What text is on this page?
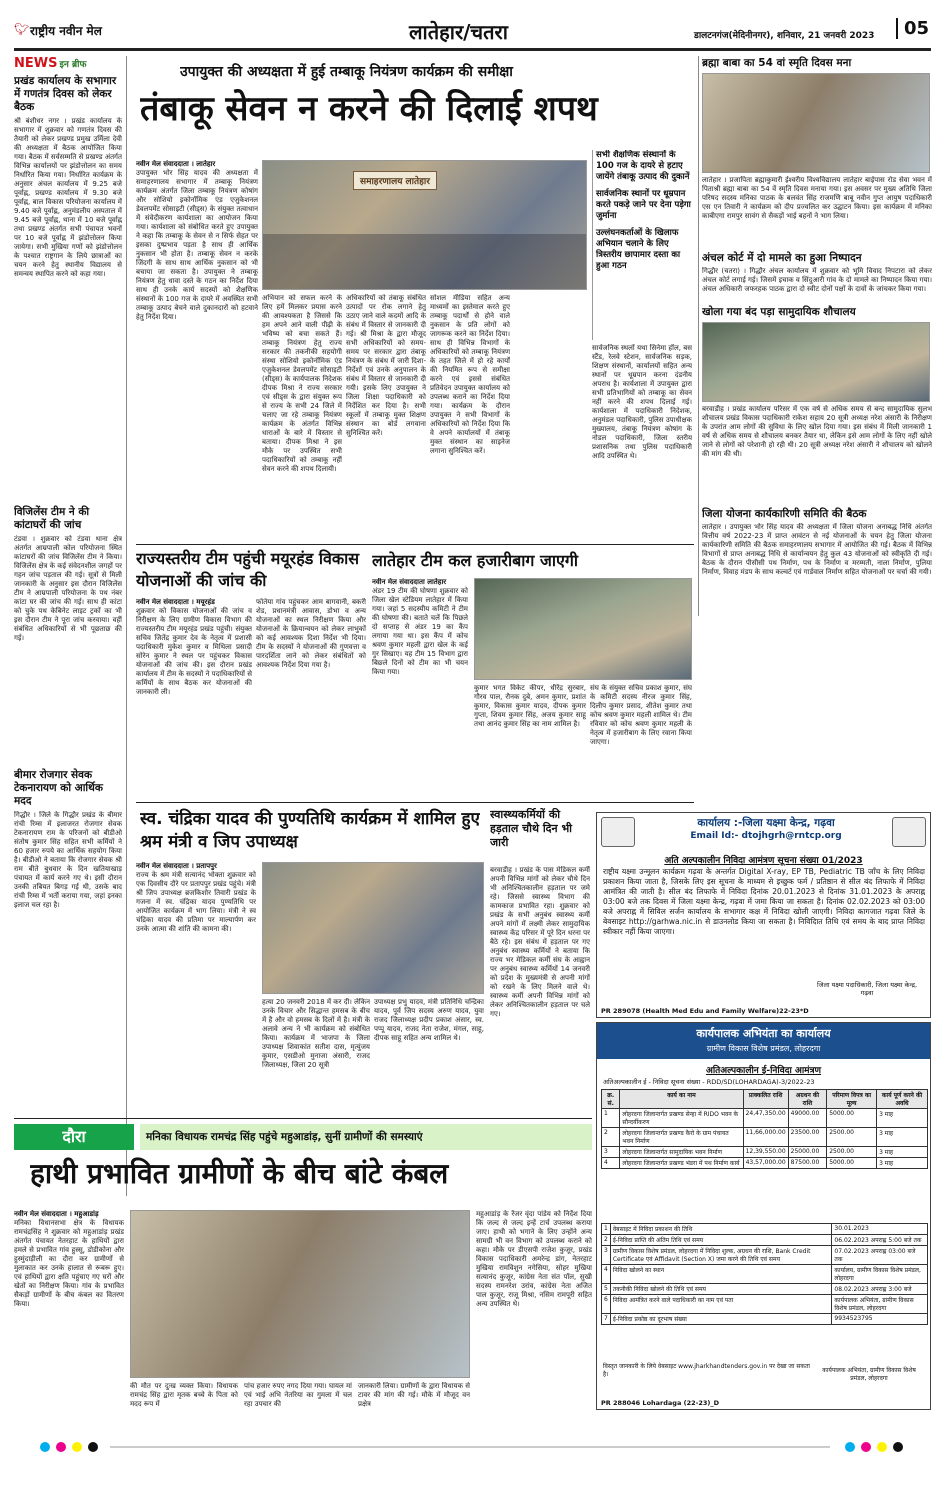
🐦︎ राष्ट्रीय नवीन मेल	लातेहार/चतरा	डालटनगंज(मेदिनीनगर), शनिवार, 21 जनवरी 2023	05
NEWS इन ब्रीफ
प्रखंड कार्यालय के सभागार में गणतंत्र दिवस को लेकर बैठक
श्री बंशीधर नगर । प्रखंड कार्यालय के सभागार में शुक्रवार को गणतंत्र दिवस की तैयारी को लेकर प्रखण्ड प्रमुख उर्मिला देवी की अध्यक्षता में बैठक आयोजित किया गया। बैठक में सर्वसम्मति से प्रखण्ड अंतर्गत विभिन्न कार्यालयों पर झंडोत्तोलन का समय निर्धारित किया गया। निर्धारित कार्यक्रम के अनुसार अंचल कार्यालय में 9.25 बजे पूर्वाह्न, प्रखण्ड कार्यालय में 9.30 बजे पूर्वाह्न, बाल विकास परियोजना कार्यालय में 9.40 बजे पूर्वाह्न, अनुमंडलीय अस्पताल में 9.45 बजे पूर्वाह्न, थाना में 10 बजे पूर्वाह्न तथा प्रखण्ड अंतर्गत सभी पंचायत भवनों पर 10 बजे पूर्वाह्न में झंडोत्तोलन किया जायेगा। सभी मुखिया गणों को झंडोत्तोलन के पश्चात राष्ट्रगान के लिये छात्राओं का चयन करने हेतु स्थानीय विद्यालय से समन्वय स्थापित करने को कहा गया।
विजिलेंस टीम ने की कांटाघरों की जांच
टंडवा । शुक्रवार को टंडवा थाना क्षेत्र अंतर्गत आम्रपाली कोल परियोजना स्थित कांटाघरों की जांच विजिलेंस टीम ने किया। विजिलेंस क्षेत्र के कई संवेदनशील जगहों पर गहन जांच पड़ताल की गई। सूत्रों से मिली जानकारी के अनुसार इस दौरान विजिलेंस टीम ने आम्रपाली परियोजना के पथ नंबर कांटा घर की जांच की गई। साथ ही कांटा को चुके पथ केबिनेट लाइट ट्रकों का भी इस दौरान टीम ने पूरा जांच करवाया। वहीं संबंधित अधिकारियों से भी पूछताछ की गई।
बीमार रोजगार सेवक टेकनारायण को आर्थिक मदद
गिद्धौर । जिले के गिद्धौर प्रखंड के बीमार रांची रिम्स में इलाजरत रोजगार सेवक टेकनारायण राम के परिजनों को बीडीओ संतोष कुमार सिंह सहित सभी कर्मियों ने 60 हजार रुपये का आर्थिक सहयोग किया है। बीडीओ ने बताया कि रोजगार सेवक श्री राम बीते बुधवार के दिन खतियाखाड़ पंचायत में कार्य करने गए थे। इसी दौरान उनकी तबियत बिगड़ गई थी, उसके बाद रांची रिम्स में भर्ती कराया गया, जहां इनका इलाज चल रहा है।
उपायुक्त की अध्यक्षता में हुई तम्बाकू नियंत्रण कार्यक्रम की समीक्षा
तंबाकू सेवन न करने की दिलाई शपथ
सभी शैक्षणिक संस्थानों के 100 गज के दायरे से हटाए जायेंगे तंबाकू उत्पाद की दुकानें
सार्वजनिक स्थानों पर धूम्रपान करते पकड़े जाने पर देना पड़ेगा जुर्माना
उल्लंघनकर्ताओं के खिलाफ अभियान चलाने के लिए त्रिस्तरीय छापामार दस्ता का हुआ गठन
नवीन मेल संवाददाता । लातेहार
उपायुक्त भोर सिंह यादव की अध्यक्षता में समाहरणालय सभागार में तम्बाकू नियंत्रण कार्यक्रम अंतर्गत जिला तम्बाकू नियंत्रण कोषांग और सोशियो इकोनॉमिक एंड एजुकेशनल डेवलपमेंट सोसाइटी (सीड्स) के संयुक्त तत्वाधान में संवेदीकरण कार्यशाला का आयोजन किया गया। कार्यशाला को संबोधित करते हुए उपायुक्त ने कहा कि तम्बाकू के सेवन से न सिर्फ सेहत पर इसका दुष्प्रभाव पड़ता है साथ ही आर्थिक नुकसान भी होता है। तम्बाकू सेवन न करके जिंदगी के साथ साथ आर्थिक नुकसान को भी बचाया जा सकता है। उपायुक्त ने तम्बाकू नियंत्रण हेतु धावा दस्ते के गठन का निर्देश दिया साथ ही उनके कार्य सदस्यों को शैक्षणिक संस्थानों के 100 गज के दायरे में अवस्थित सभी तम्बाकू उत्पाद बेचने वाले दुकानदारों को हटवाने हेतु निर्देश दिया।
समाहरणालय लातेहार
अभियान को सफल करने के लिए हमें मिलकर प्रयास करने की आवश्यकता है जिससे कि हम अपने आने वाली पीढ़ी के भविष्य को बचा सकते हैं। तम्बाकू नियंत्रण हेतु राज्य सरकार की तकनीकी सहयोगी संस्था सोशियो इकोनॉमिक एंड एजुकेशनल डेवलपमेंट सोसाइटी (सीड्स) के कार्यपालक निदेशक दीपक मिश्रा ने राज्य सरकार एवं सीड्स के द्वारा संयुक्त रूप से राज्य के सभी 24 जिले में चलाए जा रहे तम्बाकू नियंत्रण कार्यक्रम के अंतर्गत विभिन्न धाराओं के बारे में विस्तार से बताया। दीपक मिश्रा ने इस मौके पर उपस्थित सभी पदाधिकारियों को तम्बाकू नहीं सेवन करने की शपथ दिलायी।
अधिकारियों को तंबाकू संबंधित उत्पादों पर रोक लगाने हेतु उठाए जाने वाले कदमों आदि के संबंध में विस्तार से जानकारी दी गई। श्री मिश्रा के द्वारा मौजूद सभी अधिकारियों को समय-समय पर सरकार द्वारा तंबाकू नियंत्रण के संबंध में जारी दिशा-निर्देशों एवं उनके अनुपालन के संबंध में विस्तार से जानकारी दी गयी। इसके लिए उपायुक्त ने जिला शिक्षा पदाधिकारी को निर्देशित कर दिया है। सभी स्कूलों में तम्बाकू मुक्त शिक्षण संस्थान का बोर्ड लगवाना सुनिश्चित करें।
सोशल मीडिया सहित अन्य माध्यमों का इस्तेमाल करते हुए तम्बाकू पदार्थों से होने वाले नुकसान के प्रति लोगों को जागरूक करने का निर्देश दिया। साथ ही विभिन्न विभागों के अधिकारियों को तम्बाकू नियंत्रण के तहत जिले में हो रहे कार्यों की नियमित रूप से समीक्षा करने एवं इससे संबंधित प्रतिवेदन उपायुक्त कार्यालय को उपलब्ध कराने का निर्देश दिया गया। कार्यक्रम के दौरान उपायुक्त ने सभी विभागों के अधिकारियों को निर्देश दिया कि वे अपने कार्यालयों में तंबाकू मुक्त संस्थान का साइनेज लगाना सुनिश्चित करें।
सार्वजनिक स्थलों यथा सिनेमा हॉल, बस स्टैंड, रेलवे स्टेशन, सार्वजनिक सड़क, शिक्षण संस्थानों, कार्यालयों सहित अन्य स्थानों पर धूम्रपान करना दंडनीय अपराध है। कार्यशाला में उपायुक्त द्वारा सभी प्रतिभागियों को तम्बाकू का सेवन नहीं करने की शपथ दिलाई गई। कार्यशाला में पदाधिकारी निदेशक, अनुमंडल पदाधिकारी, पुलिस उपाधीक्षक मुख्यालय, तंबाकू नियंत्रण कोषांग के नोडल पदाधिकारी, जिला स्तरीय प्रशासनिक तथा पुलिस पदाधिकारी आदि उपस्थित थे।
ब्रह्मा बाबा का 54 वां स्मृति दिवस मना
लातेहार । प्रजापिता ब्रह्माकुमारी ईश्वरीय विश्वविद्यालय लातेहार बाईपास रोड सेवा भवन में पिताश्री ब्रह्मा बाबा का 54 वें स्मृति दिवस मनाया गया। इस अवसर पर मुख्य अतिथि जिला परिषद सदस्य मनिका पाठक के बलवंत सिंह राजमणि बाबू नवीन गुप्त आयुष पदाधिकारी एस एन तिवारी ने कार्यक्रम को दीप प्रज्वलित कर उद्घाटन किया। इस कार्यक्रम में मनिका काबीएगा रामपुर सावंग से सैकड़ों भाई बहनों ने भाग लिया।
अंचल कोर्ट में दो मामले का हुआ निष्पादन
गिद्धौर (चतरा) । गिद्धौर अंचल कार्यालय में शुक्रवार को भूमि विवाद निपटारा को लेकर अंचल कोर्ट लगाई गई। जिसमें इचाक व सिंदुआरी गांव के दो मामले का निष्पादन किया गया। अंचल अधिकारी जफरहक पाठक द्वारा दो स्वीट दोनों पक्षों के दावों के जांचकर किया गया।
खोला गया बंद पड़ा सामुदायिक शौचालय
बरवाडीह । प्रखंड कार्यालय परिसर में एक वर्ष से अधिक समय से बन्द सामुदायिक सुलभ शौचालय प्रखंड विकास पदाधिकारी राकेश सहाय 20 सूत्री अध्यक्ष नरेश अंसारी के निरीक्षण के उपरांत आम लोगों की सुविधा के लिए खोल दिया गया। इस संबंध में मिली जानकारी 1 वर्ष से अधिक समय से शौचालय बनकर तैयार था, लेकिन इसे आम लोगों के लिए नहीं खोले जाने से लोगों को परेशानी हो रही थी। 20 सूत्री अध्यक्ष नरेश अंसारी ने शौचालय को खोलने की मांग की थी।
जिला योजना कार्यकारिणी समिति की बैठक
लातेहार । उपायुक्त भोर सिंह यादव की अध्यक्षता में जिला योजना अनाबद्ध निधि अंतर्गत वित्तीय वर्ष 2022-23 में प्राप्त आवंटन से नई योजनाओं के चयन हेतु जिला योजना कार्यकारिणी समिति की बैठक समाहरणालय सभागार में आयोजित की गई। बैठक में विभिन्न विभागों से प्राप्त अनाबद्ध निधि से कार्यान्वयन हेतु कुल 43 योजनाओं को स्वीकृति दी गई। बैठक के दौरान पीसीसी पथ निर्माण, पथ के निर्माण व मरम्मती, नाला निर्माण, पुलिया निर्माण, विवाह मंडप के साथ कल्वर्ट एवं गार्डवाल निर्माण सहित योजनाओं पर चर्चा की गयी।
राज्यस्तरीय टीम पहुंची मयूरहंड विकास योजनाओं की जांच की
नवीन मेल संवाददाता । मयूरहंड
शुक्रवार को विकास योजनाओं की जांच व निरीक्षण के लिए ग्रामीण विकास विभाग की राज्यस्तरीय टीम मयूरहंड प्रखंड पहुंची। संयुक्त सचिव जितेंद्र कुमार देव के नेतृत्व में प्रशासी पदाधिकारी मुकेश कुमार व मिथिला प्रसादी सोरेन कुमार ने स्थल पर पहुंचकर विकास योजनाओं की जांच की। इस दौरान प्रखंड कार्यालय में टीम के सदस्यों ने पदाधिकारियों से कर्मियों के साथ बैठक कर योजनाओं की जानकारी ली।
फोतेया गांव पहुंचकर आम बागवानी, बकरी शेड, प्रधानमंत्री आवास, डोभा व अन्य योजनाओं का स्थल निरीक्षण किया और योजनाओं के क्रियान्वयन को लेकर लाभुकों को कई आवश्यक दिशा निर्देश भी दिया। टीम के सदस्यों ने योजनाओं की गुणवत्ता व पारदर्शिता लाने को लेकर संबंधितों को आवश्यक निर्देश दिया गया है।
लातेहार टीम कल हजारीबाग जाएगी
नवीन मेल संवाददाता लातेहार
अंडर 19 टीम की घोषणा शुक्रवार को जिला खेल स्टेडियम लातेहार में किया गया। जहां 5 सदस्यीय कमिटी ने टीम की घोषणा की। बताते चलें कि पिछले दो सप्ताह से अंडर 19 का कैंप लगाया गया था। इस कैंप में कोच श्रवण कुमार महली द्वारा खेल के कई गुर सिखाए। यह टीम 15 विभाग द्वारा बिछ्ले दिनों को टीम का भी चयन किया गया।
कुमार भगत विकेट कीपर, धीरेंद्र सुरबार, गौरव पाल, रौनक दुबे, अमन कुमार, प्रशांत कुमार, विकास कुमार यादव, दीपक कुमार गुप्ता, शिवम कुमार सिंह, अजय कुमार साहू तथा आनंद कुमार सिंह का नाम शामिल है।
संघ के संयुक्त सचिव प्रकाश कुमार, संघ के कमिटी सदस्य नीरज कुमार सिंह, दिलीप कुमार प्रसाद, शीतेश कुमार तथा कोच श्रवण कुमार महली शामिल थे। टीम रविवार को कोच श्रवण कुमार महली के नेतृत्व में हजारीबाग के लिए रवाना किया जाएगा।
स्व. चंद्रिका यादव की पुण्यतिथि कार्यक्रम में शामिल हुए श्रम मंत्री व जिप उपाध्यक्ष
नवीन मेल संवाददाता । प्रतापपुर
राज्य के श्रम मंत्री सत्यानंद भोक्ता शुक्रवार को एक दिवसीय दौरे पर प्रतापपुर प्रखंड पहुंचे। मंत्री श्री जिप उपाध्यक्ष ब्रजकिशोर तिवारी प्रखंड के गजना में स्व. चंद्रिका यादव पुण्यतिथि पर आयोजित कार्यक्रम में भाग लिया। मंत्री ने स्व चंद्रिका यादव की प्रतिमा पर माल्यार्पण कर उनके आत्मा की शांति की कामना की।
हत्या 20 जनवरी 2018 में कर दी। लेकिन उनके विचार और सिद्धान्त हमसब के बीच में है और वो हमसब के दिलों में है। मंत्री के अलावे अन्य ने भी कार्यक्रम को संबोधित किया। कार्यक्रम में भाजपा के जिला उपाध्यक्ष शिवाकांत सतीश दास, मृत्युंजय कुमार, एसडीओ मुनाजा अंसारी, राजद जिलाध्यक्ष, जिला 20 सूत्री
उपाध्यक्ष प्रभु यादव, मंत्री प्रतिनिधि चन्द्रिका यादव, पूर्व जिप सदस्य अरुण यादव, युवा राजद जिलाध्यक्ष प्रदीप प्रकाश अंसार, स्व. पप्पू यादव, राजद नेता राजेश, मंगल, साहू, दीपक साहू सहित अन्य शामिल थे।
स्वास्थ्यकर्मियों की हड़ताल चौथे दिन भी जारी
बरवाडीह । प्रखंड के पास मेडिकल कर्मी अपनी विभिन्न मांगों को लेकर चौथे दिन भी अनिश्चितकालीन हड़ताल पर जमे रहे। जिससे स्वास्थ्य विभाग की कामकाज प्रभावित रहा। शुक्रवार को प्रखंड के सभी अनुबंध स्वास्थ्य कर्मी अपने मांगों में लक्ष्मी लेकर सामुदायिक स्वास्थ्य केंद्र परिसर में पूरे दिन धरना पर बैठे रहे। इस संबंध में हड़ताल पर गए अनुबंध स्वास्थ्य कर्मियों ने बताया कि राज्य भर मेडिकल कर्मी संघ के आह्वान पर अनुबंध स्वास्थ्य कर्मियों 14 जनवरी को प्रदेश के मुख्यमंत्री से अपनी मांगों को रखने के लिए मिलने वाले थे। स्वास्थ्य कर्मी अपनी विभिन्न मांगों को लेकर अनिश्चितकालीन हड़ताल पर चले गए।
कार्यालय :-जिला यक्ष्मा केन्द्र, गढ़वा
Email Id:- dtojhgrh@rntcp.org
अति अल्पकालीन निविदा आमंत्रण सूचना संख्या 01/2023
राष्ट्रीय यक्ष्मा उन्मूलन कार्यक्रम गढ़वा के अन्तर्गत Digital X-ray, EP TB, Pediatric TB जाँच के लिए निविदा प्रकाशन किया जाता है, जिसके लिए इस सूचना के माध्यम से इच्छुक फर्म / प्रतिष्ठान से सील बंद लिफाफे में निविदा आमंत्रित की जाती है। सील बंद लिफाफे में निविदा दिनांक 20.01.2023 से दिनांक 31.01.2023 के अपराह्न 03:00 बजे तक दिवस में जिला यक्ष्मा केन्द्र, गढ़वा में जमा किया जा सकता है। दिनांक 02.02.2023 को 03:00 बजे अपराह्न में सिविल सर्जन कार्यालय के सभागार कक्ष में निविदा खोली जाएगी। निविदा कागजात गढ़वा जिले के बेवसाइट http://garhwa.nic.in से डाउनलोड किया जा सकता है। निविदाित तिथि एवं समय के बाद प्राप्त निविदा स्वीकार नहीं किया जाएगा।
जिला यक्ष्मा पदाधिकारी, जिला यक्ष्मा केन्द्र, गढ़वा
PR 289078 (Health Med Edu and Family Welfare)22-23*D
कार्यपालक अभियंता का कार्यालय
ग्रामीण विकास विशेष प्रमंडल, लोहरदगा
अतिअल्पकालीन ई-निविदा आमंत्रण
अतिअल्पकालीन ई - निविदा सूचना संख्या - RDD/SD(LOHARDAGA)-3/2022-23
क्र. सं.	कार्य का नाम	प्राक्कलित राशि	अग्रधन की राशि	परिमाण विपत्र का मूल्य	कार्य पूर्ण करने की अवधि
1	लोहरदगा जिलान्तर्गत प्रखण्ड सेन्हा में RIDO भवन के सौन्दर्यीकरण	24,47,350.00	49000.00	5000.00	3 माह
2	लोहरदगा जिलान्तर्गत प्रखण्ड कैरो के ग्राम पंचायत भवन निर्माण	11,66,000.00	23500.00	2500.00	3 माह
3	लोहरदगा जिलान्तर्गत सामुदायिक भवन निर्माण	12,39,550.00	25000.00	2500.00	3 माह
4	लोहरदगा जिलान्तर्गत प्रखण्ड भंडरा में पथ निर्माण कार्य	43,57,000.00	87500.00	5000.00	3 माह
1	वेबसाइट में निविदा प्रकाशन की तिथि	30.01.2023
2	ई-निविदा प्राप्ति की अंतिम तिथि एवं समय	06.02.2023 अपराह्न 5:00 बजे तक
3	ग्रामीण विकास विशेष प्रमंडल, लोहरदगा में निविदा शुल्क, अग्रधन की राशि, Bank Credit Certificate एवं Affidavit (Section X) जमा करने की तिथि एवं समय	07.02.2023 अपराह्न 03:00 बजे तक
4	निविदा खोलने का स्थान	कार्यालय, ग्रामीण विकास विशेष प्रमंडल, लोहरदगा
5	तकनीकी निविदा खोलने की तिथि एवं समय	08.02.2023 अपराह्न 3:00 बजे
6	निविदा आमंत्रित करने वाले पदाधिकारी का नाम एवं पता	कार्यपालक अभियंता, ग्रामीण विकास विशेष प्रमंडल, लोहरदगा
7	ई-निविदा प्रकोष्ठ का दूरभाष संख्या	9934523795
विस्तृत जानकारी के लिये वेबसाइट www.jharkhandtenders.gov.in पर देखा जा सकता है।
कार्यपालक अभियंता, ग्रामीण विकास विशेष प्रमंडल, लोहरदगा
PR 288046 Lohardaga (22-23)_D
दौरा	मनिका विधायक रामचंद्र सिंह पहुंचे महुआडांड़, सुनीं ग्रामीणों की समस्याएं
हाथी प्रभावित ग्रामीणों के बीच बांटे कंबल
नवीन मेल संवाददाता । महुआडांड़
मनिका विधानसभा क्षेत्र के विधायक रामचंद्रसिंह ने शुक्रवार को महुआडांड़ प्रखंड अंतर्गत पंचायत नेतरहाट के हाथियों द्वारा हमले से प्रभावित गांव हुस्सू, डोडीकोना और हुस्मुंदाड़ीली का दौरा कर ग्रामीणों से मुलाकात कर उनके हालात से रूबरू हुए। एवं हाथियों द्वारा क्षति पहुंचाए गए घरों और खेतों का निरीक्षण किया। गांव के प्रभावित सैकड़ों ग्रामीणों के बीच कंबल का वितरण किया।
की मौत पर दुःख व्यक्त किया। विधायक रामचंद्र सिंह द्वारा मृतक बच्चे के पिता को मदद रूप में
पांच हजार रुपए नगद दिया गया। घायल मां एवं भाई अभि नेतरिया का गुमला में चल रहा उपचार की
जानकारी लिया। ग्रामीणों के द्वारा विधायक से टावर की मांग की गई। मौके में मौजूद वन प्रक्षेत्र
महुआडांड़ के रेंजर वृंदा पांडेय को निर्देश दिया कि जल्द से जल्द इन्हें टार्च उपलब्ध कराया जाए। हाथी को भगाने के लिए उन्होंने अन्य सामग्री भी वन विभाग को उपलब्ध कराने को कहा। मौके पर डीएसपी राजेश कुजूर, प्रखंड विकास पदाधिकारी अमरेन्द्र डांग, नेतरहाट मुखिया रामविशुन नगेसिया, सोहर मुखिया सत्यानंद कुजूर, कांग्रेस नेता संत पॉल, सुखी सदस्य रामनरेश उरांव, कांग्रेस नेता अजित पाल कुजूर, राजू मिश्रा, नसिम रामपूरी सहित अन्य उपस्थित थे।
